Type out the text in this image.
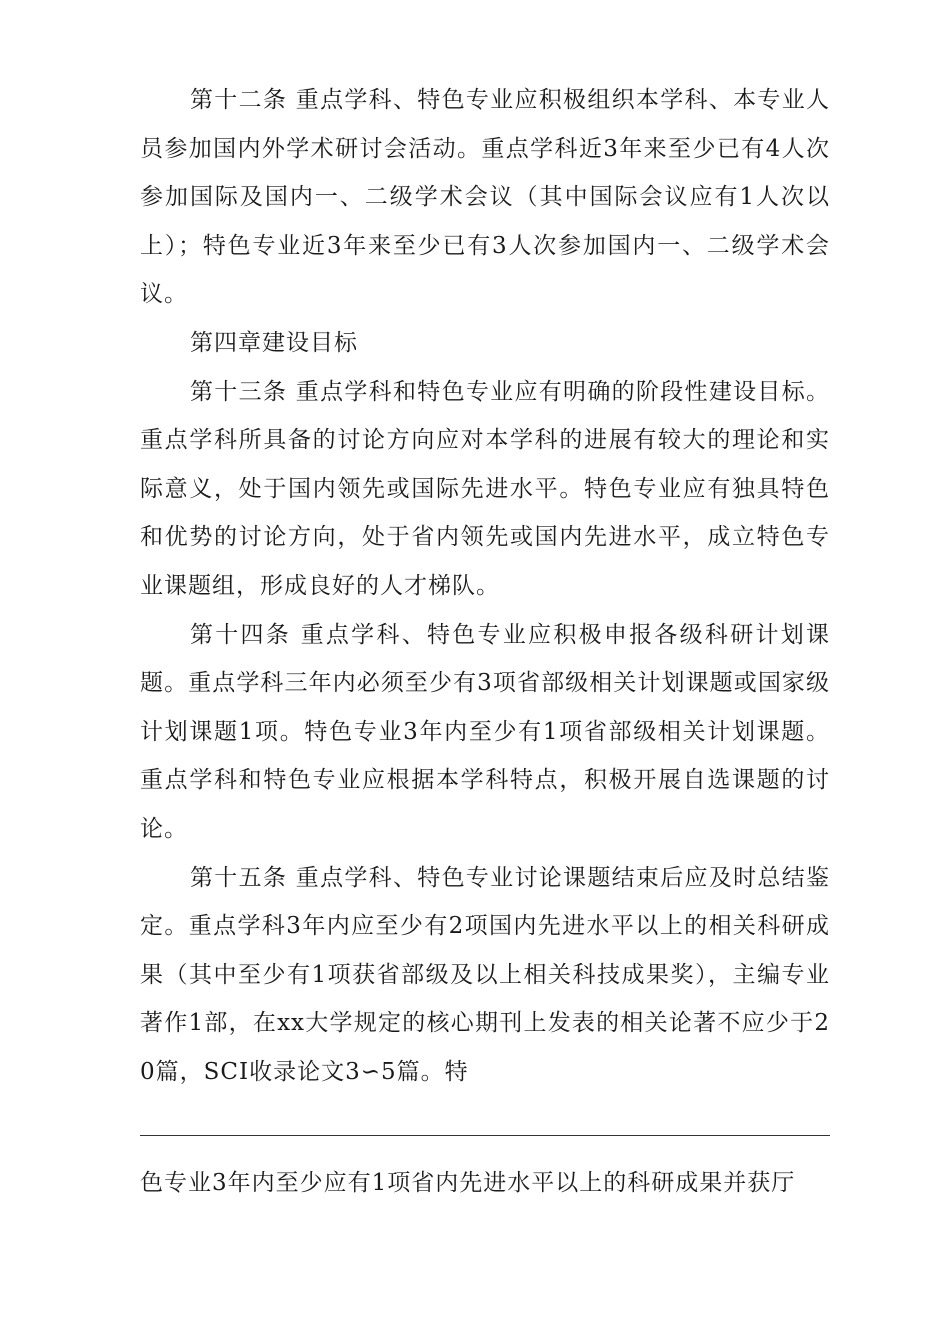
第十二条 重点学科、特色专业应积极组织本学科、本专业人员参加国内外学术研讨会活动。重点学科近3年来至少已有4人次参加国际及国内一、二级学术会议（其中国际会议应有1人次以上）；特色专业近3年来至少已有3人次参加国内一、二级学术会议。

第四章建设目标

第十三条 重点学科和特色专业应有明确的阶段性建设目标。重点学科所具备的讨论方向应对本学科的进展有较大的理论和实际意义，处于国内领先或国际先进水平。特色专业应有独具特色和优势的讨论方向，处于省内领先或国内先进水平，成立特色专业课题组，形成良好的人才梯队。

第十四条 重点学科、特色专业应积极申报各级科研计划课题。重点学科三年内必须至少有3项省部级相关计划课题或国家级计划课题1项。特色专业3年内至少有1项省部级相关计划课题。重点学科和特色专业应根据本学科特点，积极开展自选课题的讨论。

第十五条 重点学科、特色专业讨论课题结束后应及时总结鉴定。重点学科3年内应至少有2项国内先进水平以上的相关科研成果（其中至少有1项获省部级及以上相关科技成果奖），主编专业著作1部，在xx大学规定的核心期刊上发表的相关论著不应少于20篇，SCI收录论文3∽5篇。特

色专业3年内至少应有1项省内先进水平以上的科研成果并获厅
